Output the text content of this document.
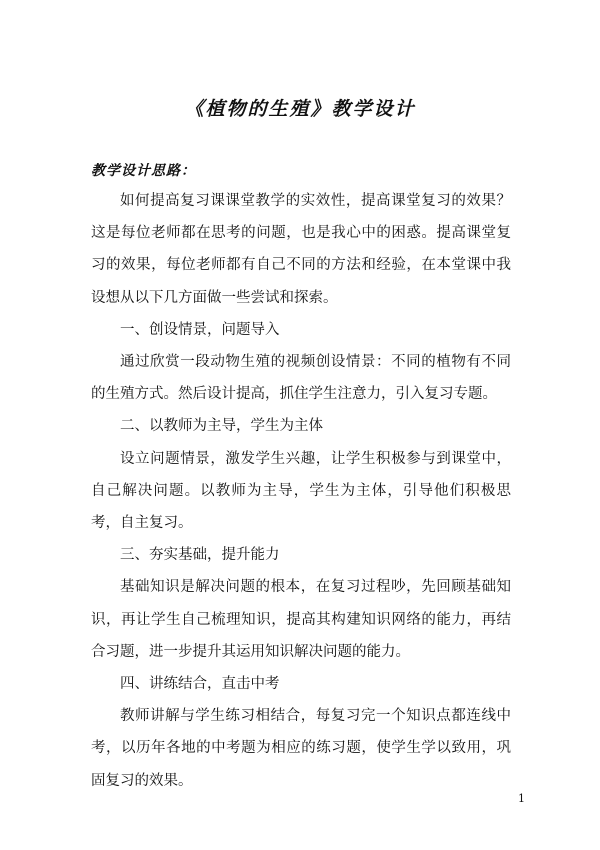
《植物的生殖》教学设计
教学设计思路：

如何提高复习课课堂教学的实效性，提高课堂复习的效果？这是每位老师都在思考的问题，也是我心中的困惑。提高课堂复习的效果，每位老师都有自己不同的方法和经验，在本堂课中我设想从以下几方面做一些尝试和探索。

一、创设情景，问题导入

通过欣赏一段动物生殖的视频创设情景：不同的植物有不同的生殖方式。然后设计提高，抓住学生注意力，引入复习专题。

二、以教师为主导，学生为主体

设立问题情景，激发学生兴趣，让学生积极参与到课堂中，自己解决问题。以教师为主导，学生为主体，引导他们积极思考，自主复习。

三、夯实基础，提升能力

基础知识是解决问题的根本，在复习过程吵，先回顾基础知识，再让学生自己梳理知识，提高其构建知识网络的能力，再结合习题，进一步提升其运用知识解决问题的能力。

四、讲练结合，直击中考

教师讲解与学生练习相结合，每复习完一个知识点都连线中考，以历年各地的中考题为相应的练习题，使学生学以致用，巩固复习的效果。

1
